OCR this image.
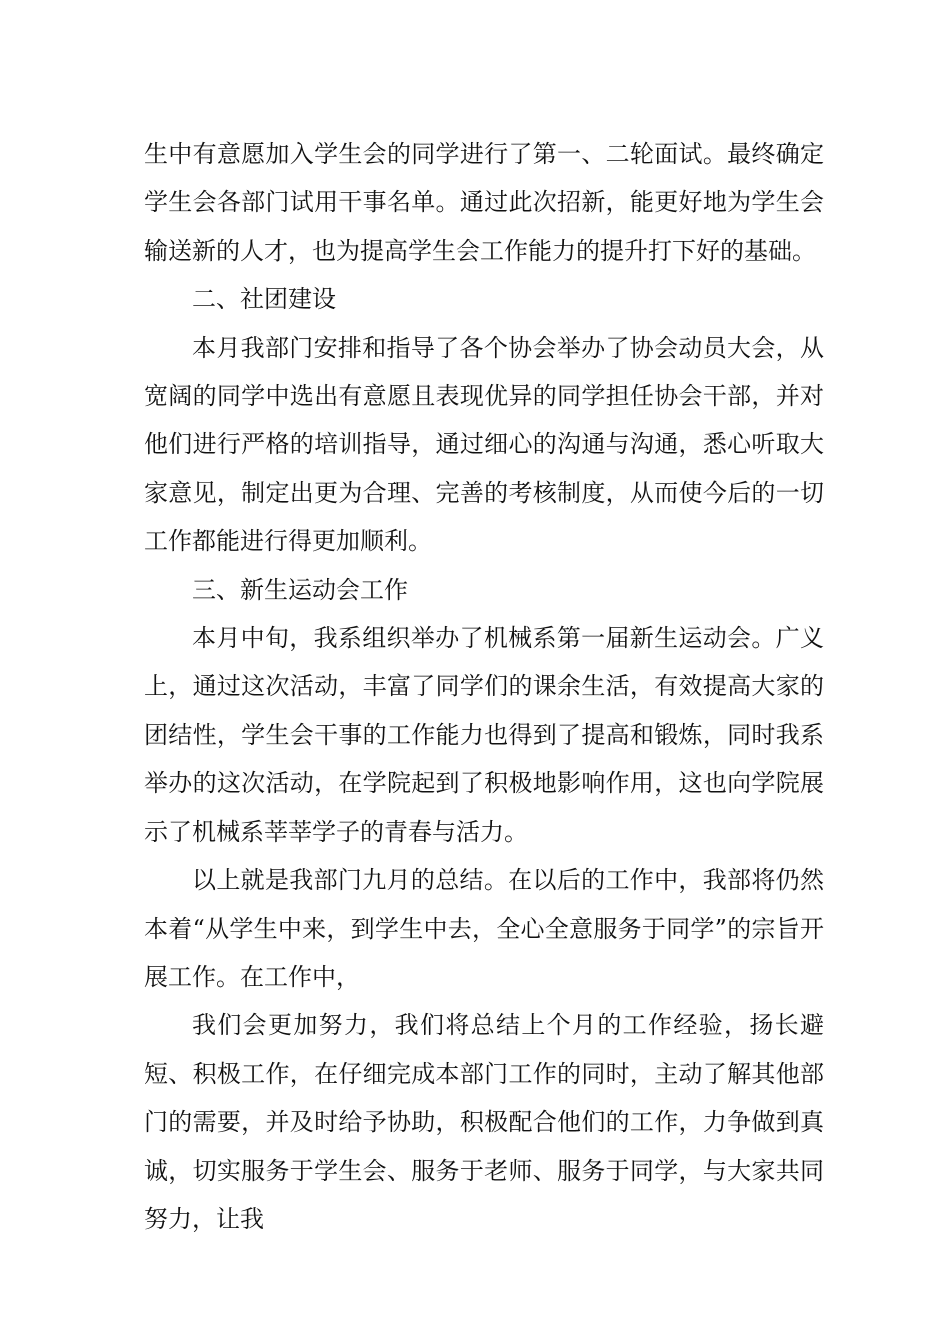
生中有意愿加入学生会的同学进行了第一、二轮面试。最终确定学生会各部门试用干事名单。通过此次招新，能更好地为学生会输送新的人才，也为提高学生会工作能力的提升打下好的基础。

二、社团建设

本月我部门安排和指导了各个协会举办了协会动员大会，从宽阔的同学中选出有意愿且表现优异的同学担任协会干部，并对他们进行严格的培训指导，通过细心的沟通与沟通，悉心听取大家意见，制定出更为合理、完善的考核制度，从而使今后的一切工作都能进行得更加顺利。

三、新生运动会工作

本月中旬，我系组织举办了机械系第一届新生运动会。广义上，通过这次活动，丰富了同学们的课余生活，有效提高大家的团结性，学生会干事的工作能力也得到了提高和锻炼，同时我系举办的这次活动，在学院起到了积极地影响作用，这也向学院展示了机械系莘莘学子的青春与活力。

以上就是我部门九月的总结。在以后的工作中，我部将仍然本着“从学生中来，到学生中去，全心全意服务于同学”的宗旨开展工作。在工作中，

我们会更加努力，我们将总结上个月的工作经验，扬长避短、积极工作，在仔细完成本部门工作的同时，主动了解其他部门的需要，并及时给予协助，积极配合他们的工作，力争做到真诚，切实服务于学生会、服务于老师、服务于同学，与大家共同努力，让我
